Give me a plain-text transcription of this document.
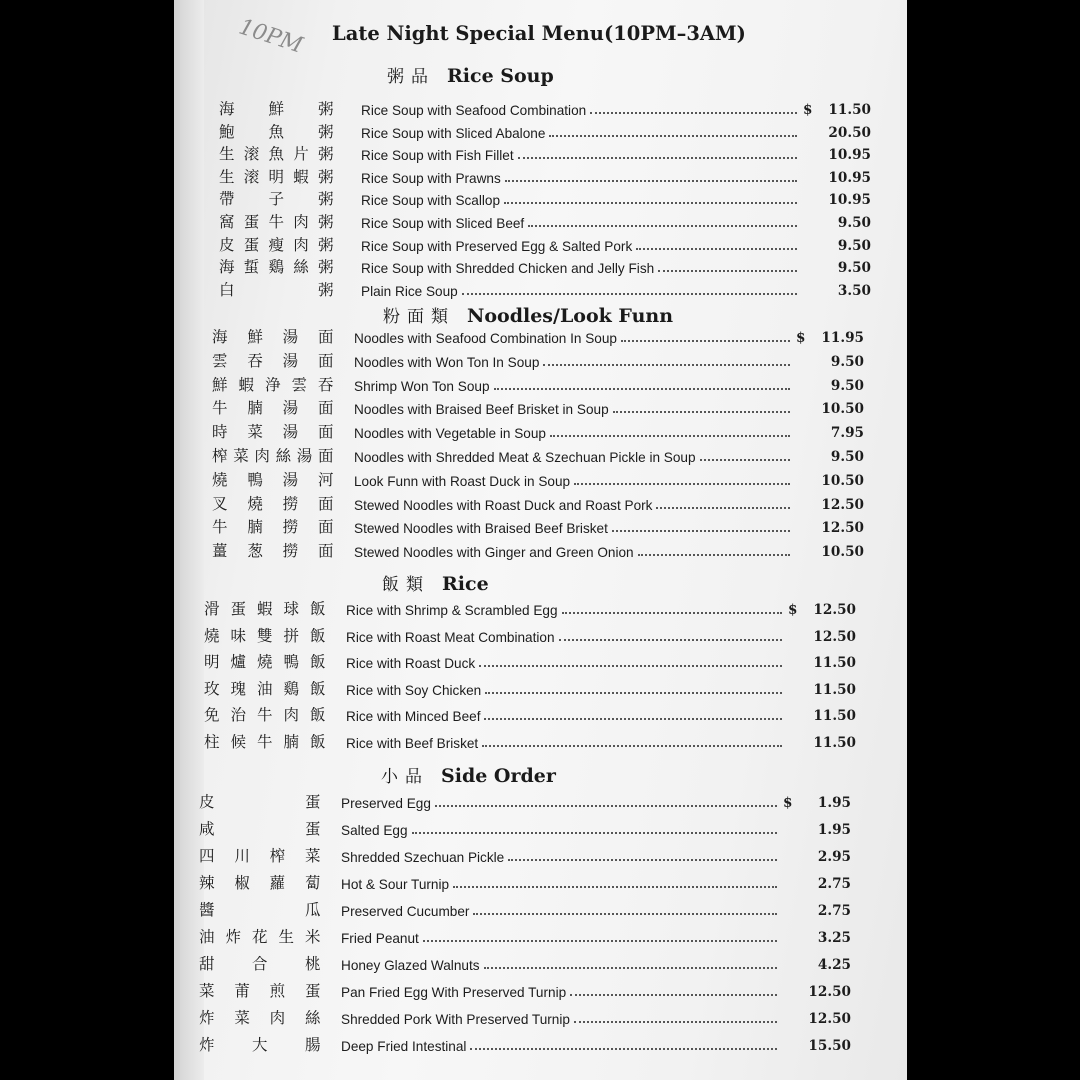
10PM Late Night Special Menu(10PM–3AM)
粥品 Rice Soup
海 鮮 粥 Rice Soup with Seafood Combination	$ 11.50
鮑 魚 粥 Rice Soup with Sliced Abalone	20.50
生 滚 魚 片 粥 Rice Soup with Fish Fillet	10.95
生 滚 明 蝦 粥 Rice Soup with Prawns	10.95
帶 子 粥 Rice Soup with Scallop	10.95
窩 蛋 牛 肉 粥 Rice Soup with Sliced Beef	9.50
皮 蛋 瘦 肉 粥 Rice Soup with Preserved Egg & Salted Pork	9.50
海 蜇 鷄 絲 粥 Rice Soup with Shredded Chicken and Jelly Fish	9.50
白	粥 Plain Rice Soup	3.50
粉面類 Noodles/Look Funn
海 鮮 湯 面 Noodles with Seafood Combination In Soup	$ 11.95
雲 吞 湯 面 Noodles with Won Ton In Soup	9.50
鮮 蝦 浄 雲 吞 Shrimp Won Ton Soup	9.50
牛 腩 湯 面 Noodles with Braised Beef Brisket in Soup	10.50
時 菜 湯 面 Noodles with Vegetable in Soup	7.95
榨 菜 肉 絲 湯 面 Noodles with Shredded Meat & Szechuan Pickle in Soup	9.50
燒 鴨 湯 河 Look Funn with Roast Duck in Soup	10.50
叉 燒 撈 面 Stewed Noodles with Roast Duck and Roast Pork	12.50
牛 腩 撈 面 Stewed Noodles with Braised Beef Brisket	12.50
薑 葱 撈 面 Stewed Noodles with Ginger and Green Onion	10.50
飯類 Rice
滑 蛋 蝦 球 飯 Rice with Shrimp & Scrambled Egg	$ 12.50
燒 味 雙 拼 飯 Rice with Roast Meat Combination	12.50
明 爐 燒 鴨 飯 Rice with Roast Duck	11.50
玫 瑰 油 鷄 飯 Rice with Soy Chicken	11.50
免 治 牛 肉 飯 Rice with Minced Beef	11.50
柱 候 牛 腩 飯 Rice with Beef Brisket	11.50
小品 Side Order
皮	蛋 Preserved Egg	$ 1.95
咸	蛋 Salted Egg	1.95
四 川 榨 菜 Shredded Szechuan Pickle	2.95
辣 椒 蘿 蔔 Hot & Sour Turnip	2.75
醬	瓜 Preserved Cucumber	2.75
油 炸 花 生 米 Fried Peanut	3.25
甜 合 桃 Honey Glazed Walnuts	4.25
菜 莆 煎 蛋 Pan Fried Egg With Preserved Turnip	12.50
炸 菜 肉 絲 Shredded Pork With Preserved Turnip	12.50
炸 大 腸 Deep Fried Intestinal	15.50
